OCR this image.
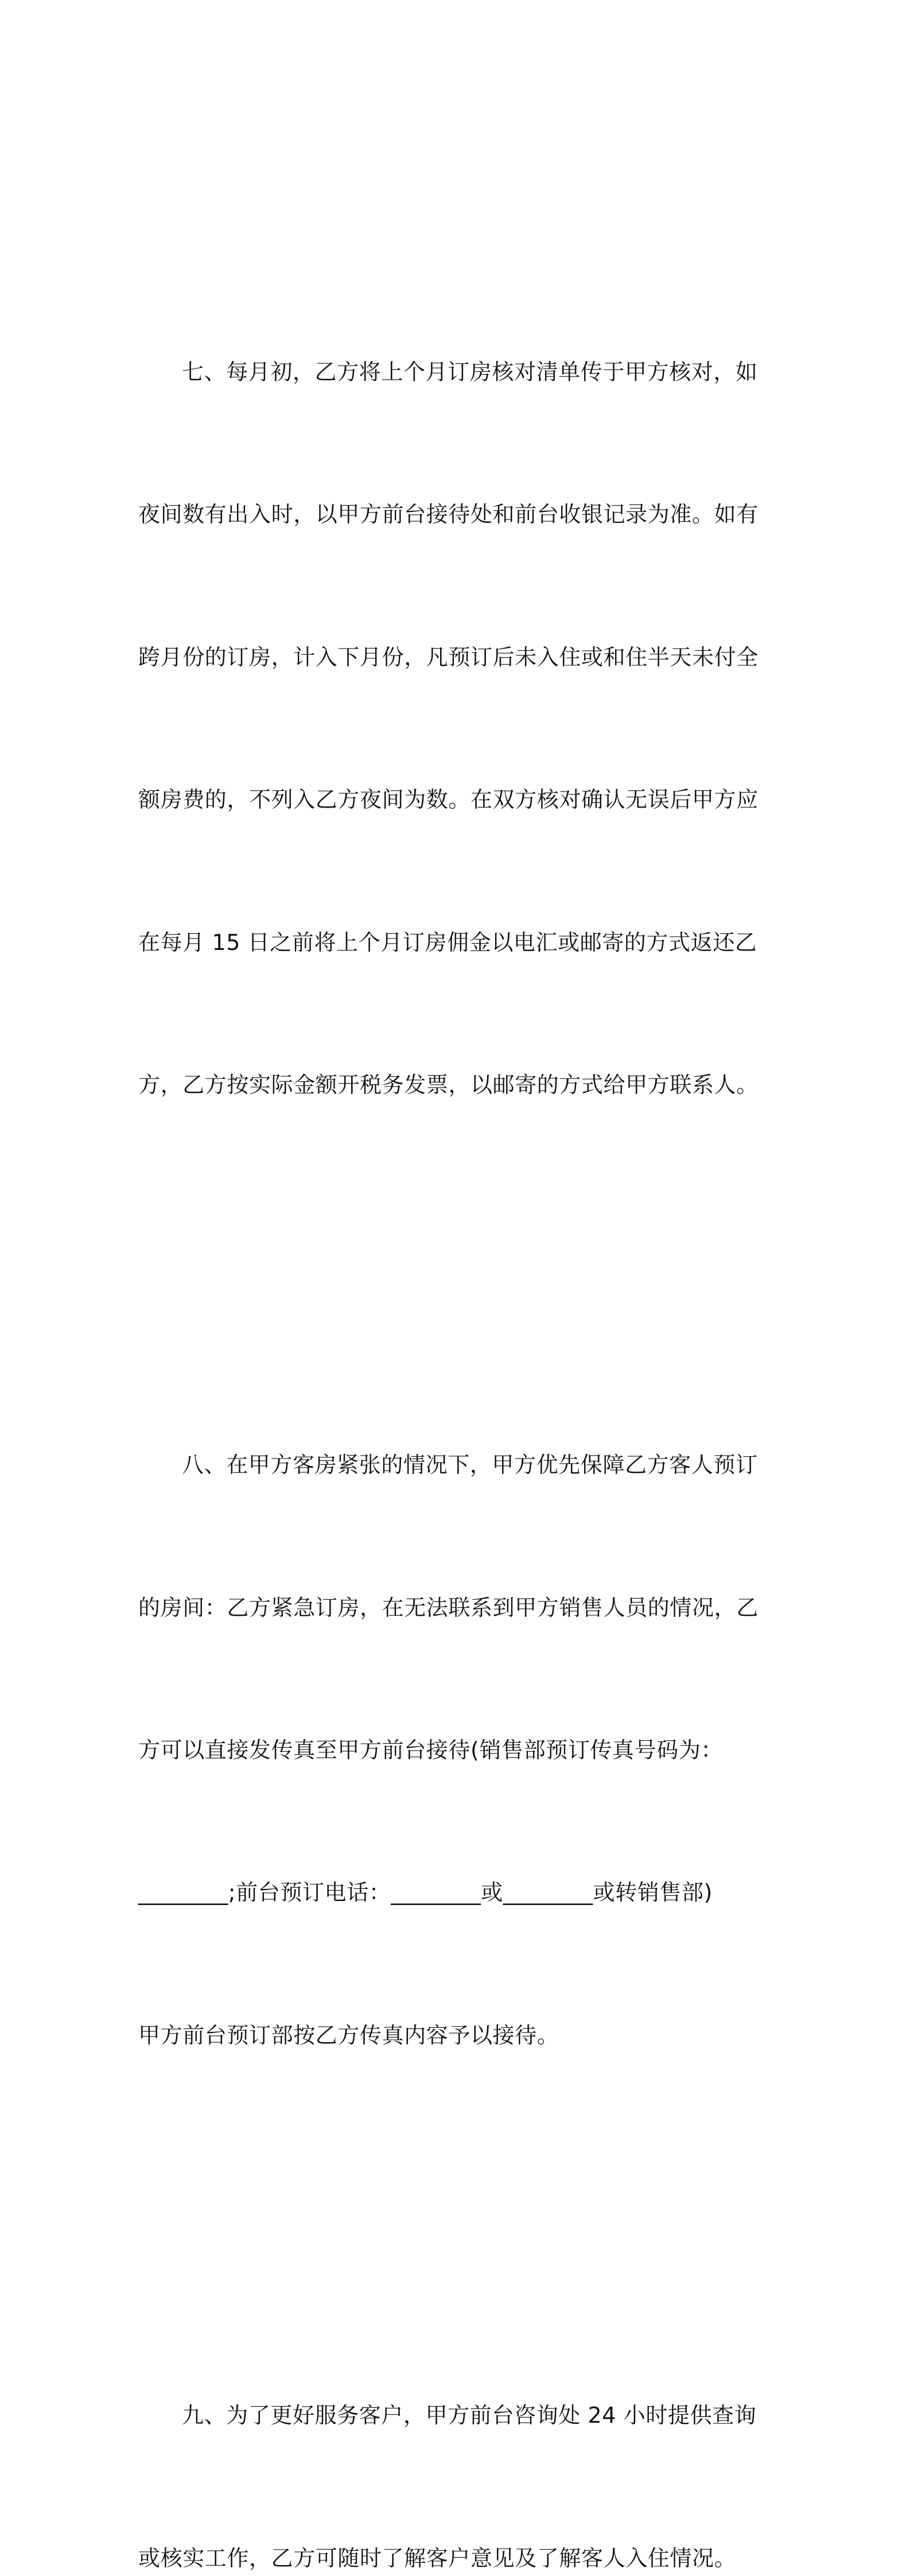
七、每月初，乙方将上个月订房核对清单传于甲方核对，如

夜间数有出入时，以甲方前台接待处和前台收银记录为准。如有

跨月份的订房，计入下月份，凡预订后未入住或和住半天未付全

额房费的，不列入乙方夜间为数。在双方核对确认无误后甲方应

在每月 15 日之前将上个月订房佣金以电汇或邮寄的方式返还乙

方，乙方按实际金额开税务发票，以邮寄的方式给甲方联系人。

八、在甲方客房紧张的情况下，甲方优先保障乙方客人预订

的房间：乙方紧急订房，在无法联系到甲方销售人员的情况，乙

方可以直接发传真至甲方前台接待(销售部预订传真号码为：

________;前台预订电话：________或________或转销售部)

甲方前台预订部按乙方传真内容予以接待。

九、为了更好服务客户，甲方前台咨询处 24 小时提供查询

或核实工作，乙方可随时了解客户意见及了解客人入住情况。
